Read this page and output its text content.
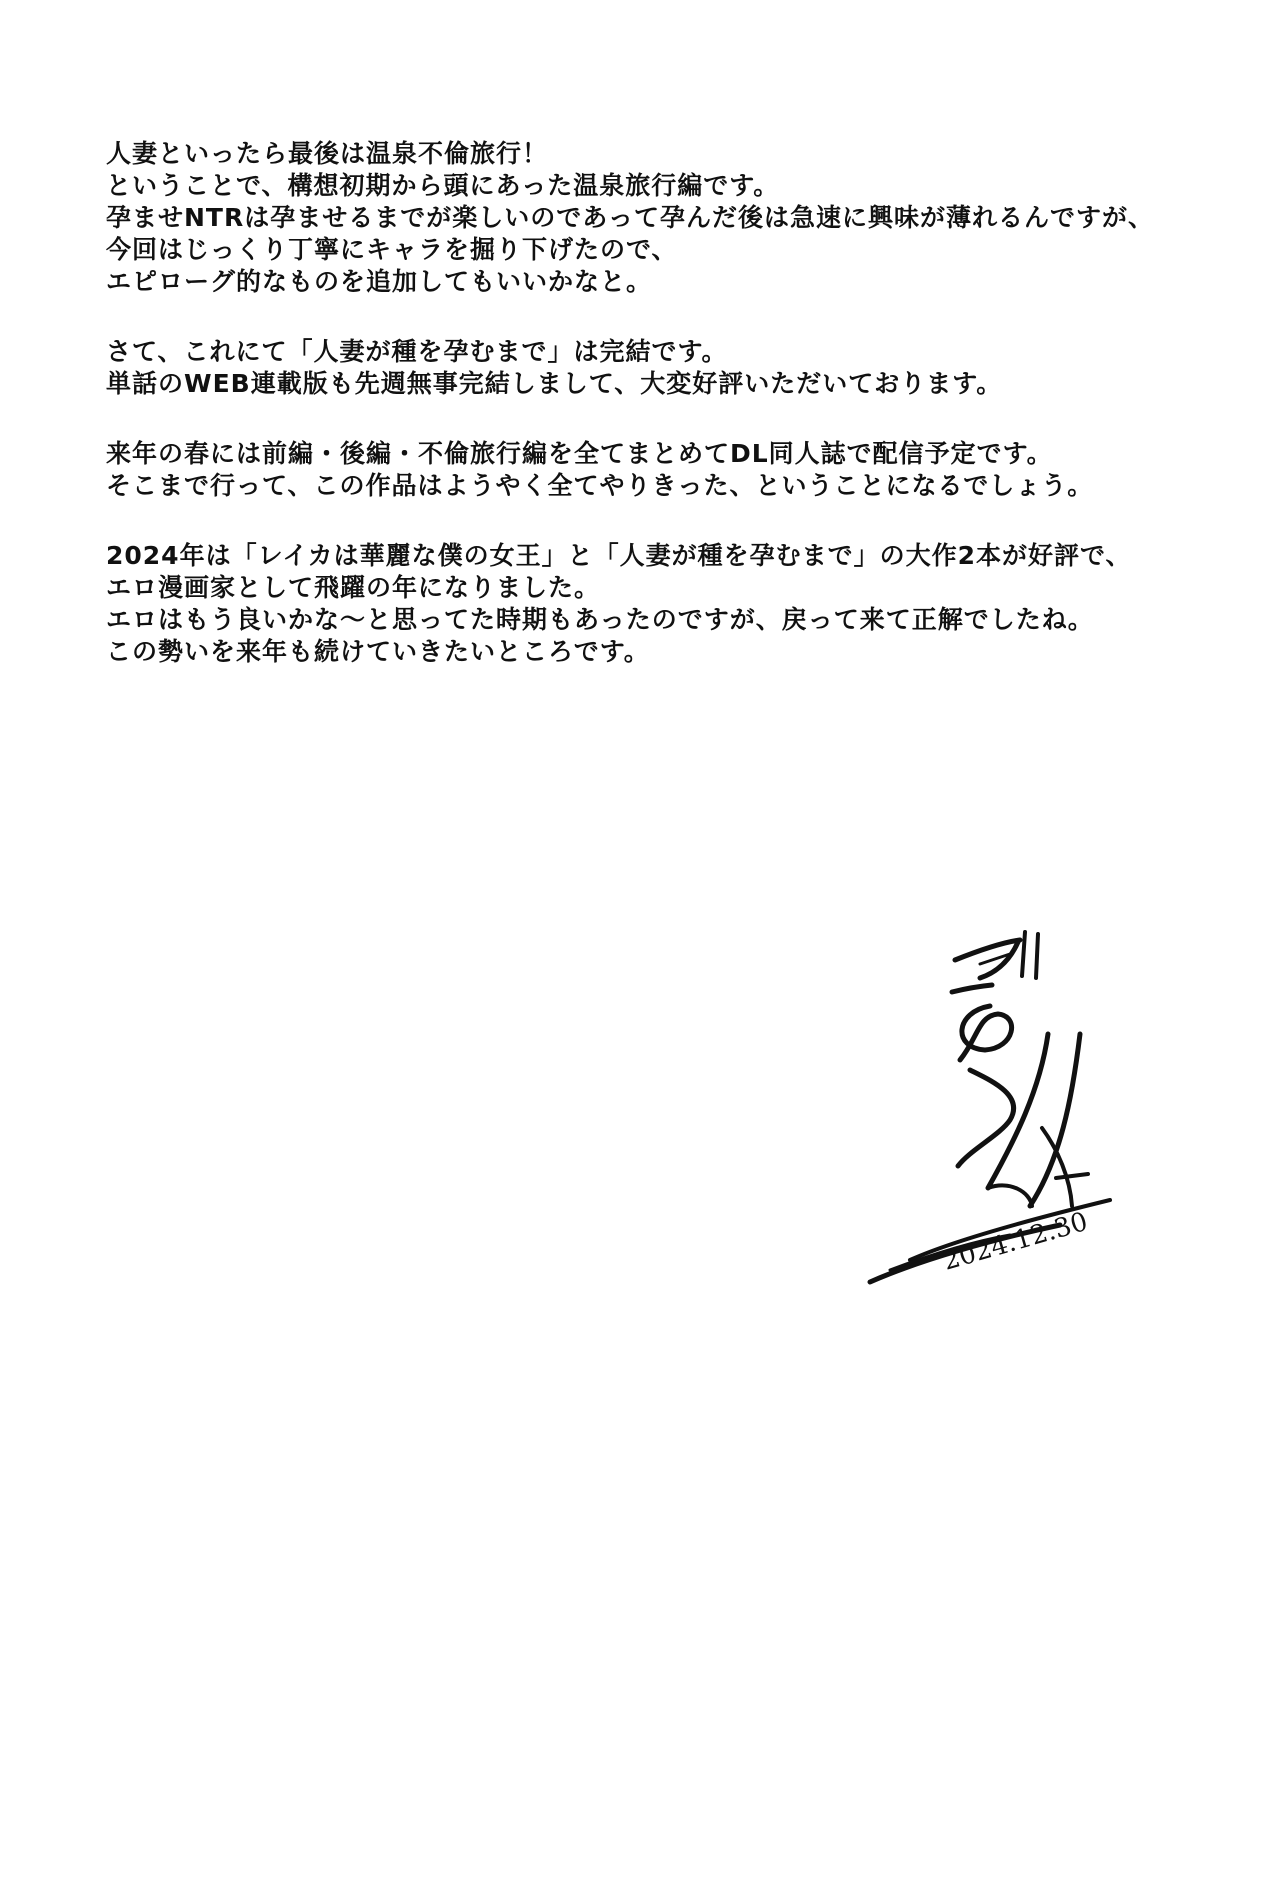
人妻といったら最後は温泉不倫旅行！
ということで、構想初期から頭にあった温泉旅行編です。
孕ませNTRは孕ませるまでが楽しいのであって孕んだ後は急速に興味が薄れるんですが、
今回はじっくり丁寧にキャラを掘り下げたので、
エピローグ的なものを追加してもいいかなと。
さて、これにて「人妻が種を孕むまで」は完結です。
単話のWEB連載版も先週無事完結しまして、大変好評いただいております。
来年の春には前編・後編・不倫旅行編を全てまとめてDL同人誌で配信予定です。
そこまで行って、この作品はようやく全てやりきった、ということになるでしょう。
2024年は「レイカは華麗な僕の女王」と「人妻が種を孕むまで」の大作2本が好評で、
エロ漫画家として飛躍の年になりました。
エロはもう良いかな～と思ってた時期もあったのですが、戻って来て正解でしたね。
この勢いを来年も続けていきたいところです。
2024.12.30
